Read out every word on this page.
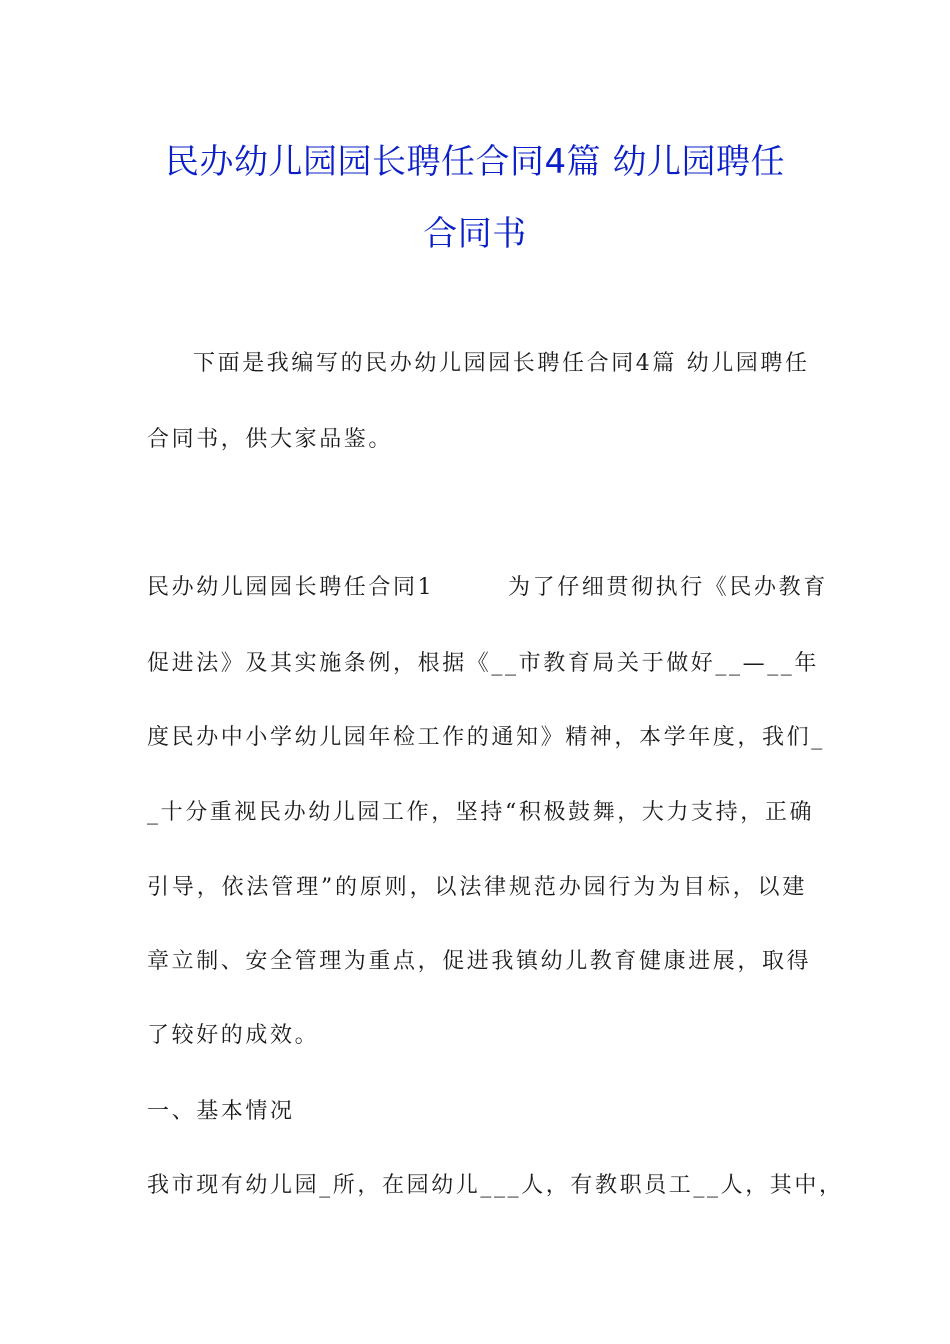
民办幼儿园园长聘任合同4篇 幼儿园聘任
合同书

下面是我编写的民办幼儿园园长聘任合同4篇 幼儿园聘任

合同书，供大家品鉴。

民办幼儿园园长聘任合同1　　　为了仔细贯彻执行《民办教育

促进法》及其实施条例，根据《__市教育局关于做好__—__年

度民办中小学幼儿园年检工作的通知》精神，本学年度，我们_

_十分重视民办幼儿园工作，坚持“积极鼓舞，大力支持，正确

引导，依法管理”的原则，以法律规范办园行为为目标，以建

章立制、安全管理为重点，促进我镇幼儿教育健康进展，取得

了较好的成效。

一、基本情况

我市现有幼儿园_所，在园幼儿___人，有教职员工__人，其中，
